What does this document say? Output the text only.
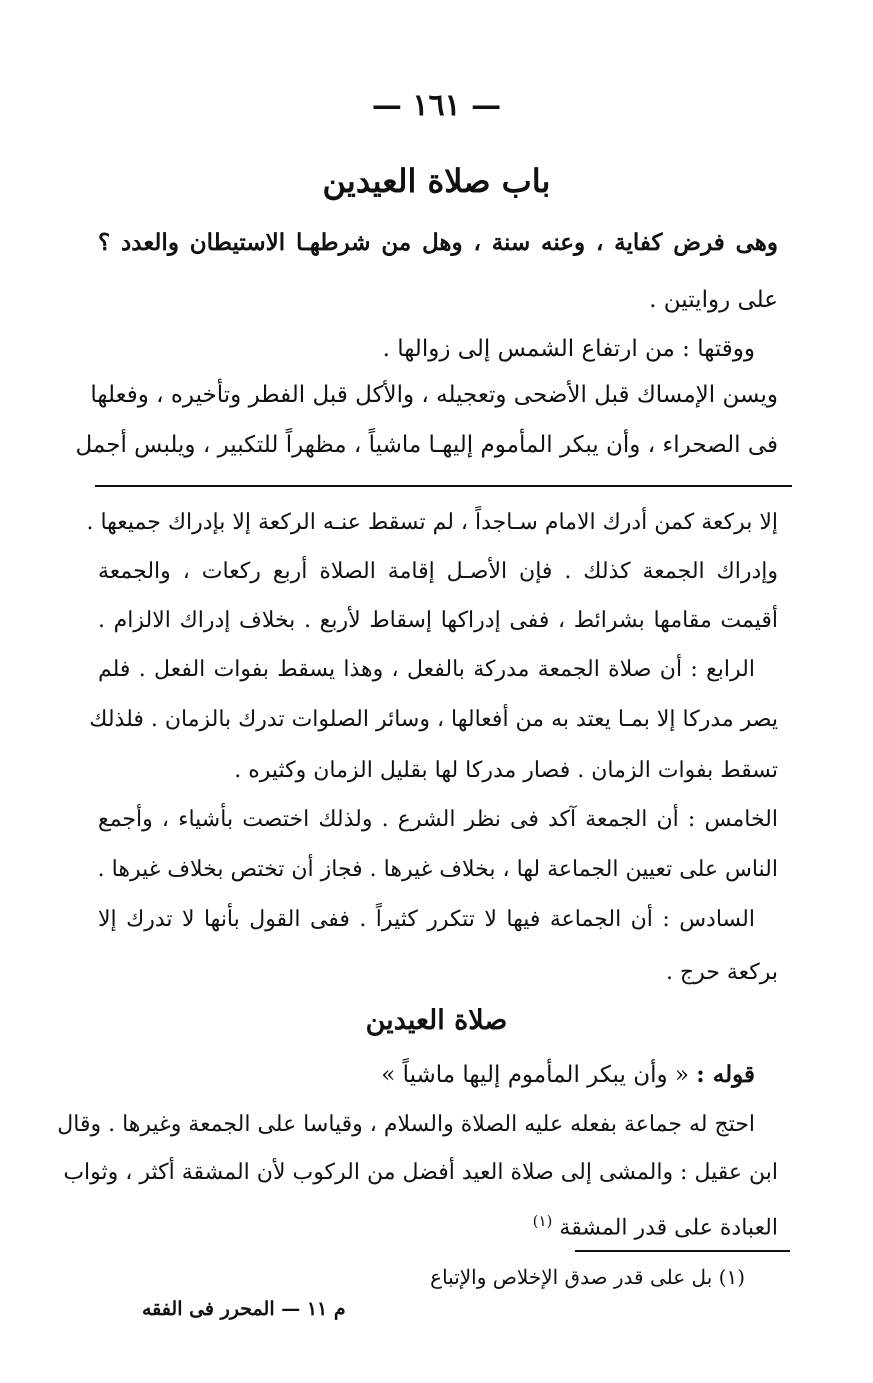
— ١٦١ —
باب صلاة العيدين
وهى فرض كفاية ، وعنه سنة ، وهل من شرطهـا الاستيطان والعدد ؟
على روايتين .
ووقتها : من ارتفاع الشمس إلى زوالها .
ويسن الإمساك قبل الأضحى وتعجيله ، والأكل قبل الفطر وتأخيره ، وفعلها
فى الصحراء ، وأن يبكر المأموم إليهـا ماشياً ، مظهراً للتكبير ، ويلبس أجمل
إلا بركعة كمن أدرك الامام سـاجداً ، لم تسقط عنـه الركعة إلا بإدراك جميعها .
وإدراك الجمعة كذلك . فإن الأصـل إقامة الصلاة أربع ركعات ، والجمعة
أقيمت مقامها بشرائط ، ففى إدراكها إسقاط لأربع . بخلاف إدراك الالزام .
الرابع : أن صلاة الجمعة مدركة بالفعل ، وهذا يسقط بفوات الفعل . فلم
يصر مدركا إلا بمـا يعتد به من أفعالها ، وسائر الصلوات تدرك بالزمان . فلذلك
تسقط بفوات الزمان . فصار مدركا لها بقليل الزمان وكثيره .
الخامس : أن الجمعة آكد فى نظر الشرع . ولذلك اختصت بأشياء ، وأجمع
الناس على تعيين الجماعة لها ، بخلاف غيرها . فجاز أن تختص بخلاف غيرها .
السادس : أن الجماعة فيها لا تتكرر كثيراً . ففى القول بأنها لا تدرك إلا
بركعة حرج .
صلاة العيدين
قوله : « وأن يبكر المأموم إليها ماشياً »
احتج له جماعة بفعله عليه الصلاة والسلام ، وقياسا على الجمعة وغيرها . وقال
ابن عقيل : والمشى إلى صلاة العيد أفضل من الركوب لأن المشقة أكثر ، وثواب
العبادة على قدر المشقة $^{(١)}$
(١) بل على قدر صدق الإخلاص والإتباع
م ١١ — المحرر فى الفقه
